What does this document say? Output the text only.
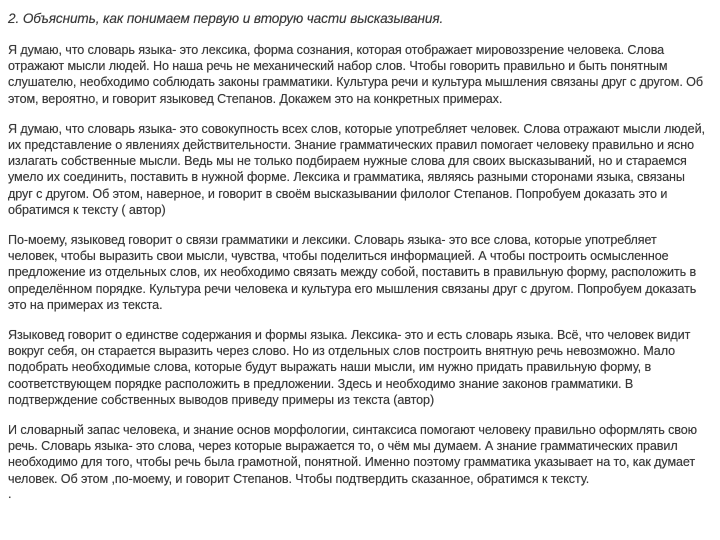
2. Объяснить, как понимаем первую и вторую части высказывания.
Я думаю, что словарь языка- это лексика, форма сознания, которая отображает мировоззрение человека. Слова отражают мысли людей. Но наша речь не механический набор слов. Чтобы говорить правильно и быть понятным слушателю, необходимо соблюдать законы грамматики. Культура речи и культура мышления связаны друг с другом. Об этом, вероятно, и говорит языковед Степанов. Докажем это на конкретных примерах.
Я думаю, что словарь языка- это совокупность всех слов, которые употребляет человек. Слова отражают мысли людей, их представление о явлениях действительности. Знание грамматических правил помогает человеку правильно и ясно излагать собственные мысли. Ведь мы не только подбираем нужные слова для своих высказываний, но и стараемся умело их соединить, поставить в нужной форме. Лексика и грамматика, являясь разными сторонами языка, связаны друг с другом. Об этом, наверное, и говорит в своём высказывании филолог Степанов. Попробуем доказать это и обратимся к тексту ( автор)
По-моему, языковед говорит о связи грамматики и лексики. Словарь языка- это все слова, которые употребляет человек, чтобы выразить свои мысли, чувства, чтобы поделиться информацией. А чтобы построить осмысленное предложение из отдельных слов, их необходимо связать между собой, поставить в правильную форму, расположить в определённом порядке. Культура речи человека и культура его мышления связаны друг с другом. Попробуем доказать это на примерах из текста.
Языковед говорит о единстве содержания и формы языка. Лексика- это и есть словарь языка. Всё, что человек видит вокруг себя, он старается выразить через слово. Но из отдельных слов построить внятную речь невозможно. Мало подобрать необходимые слова, которые будут выражать наши мысли, им нужно придать правильную форму, в соответствующем порядке расположить в предложении. Здесь и необходимо знание законов грамматики. В подтверждение собственных выводов приведу примеры из текста (автор)
И словарный запас человека, и знание основ морфологии, синтаксиса помогают человеку правильно оформлять свою речь. Словарь языка- это слова, через которые выражается то, о чём мы думаем. А знание грамматических правил необходимо для того, чтобы речь была грамотной, понятной. Именно поэтому грамматика указывает на то, как думает человек. Об этом ,по-моему, и говорит Степанов. Чтобы подтвердить сказанное, обратимся к тексту.
.
